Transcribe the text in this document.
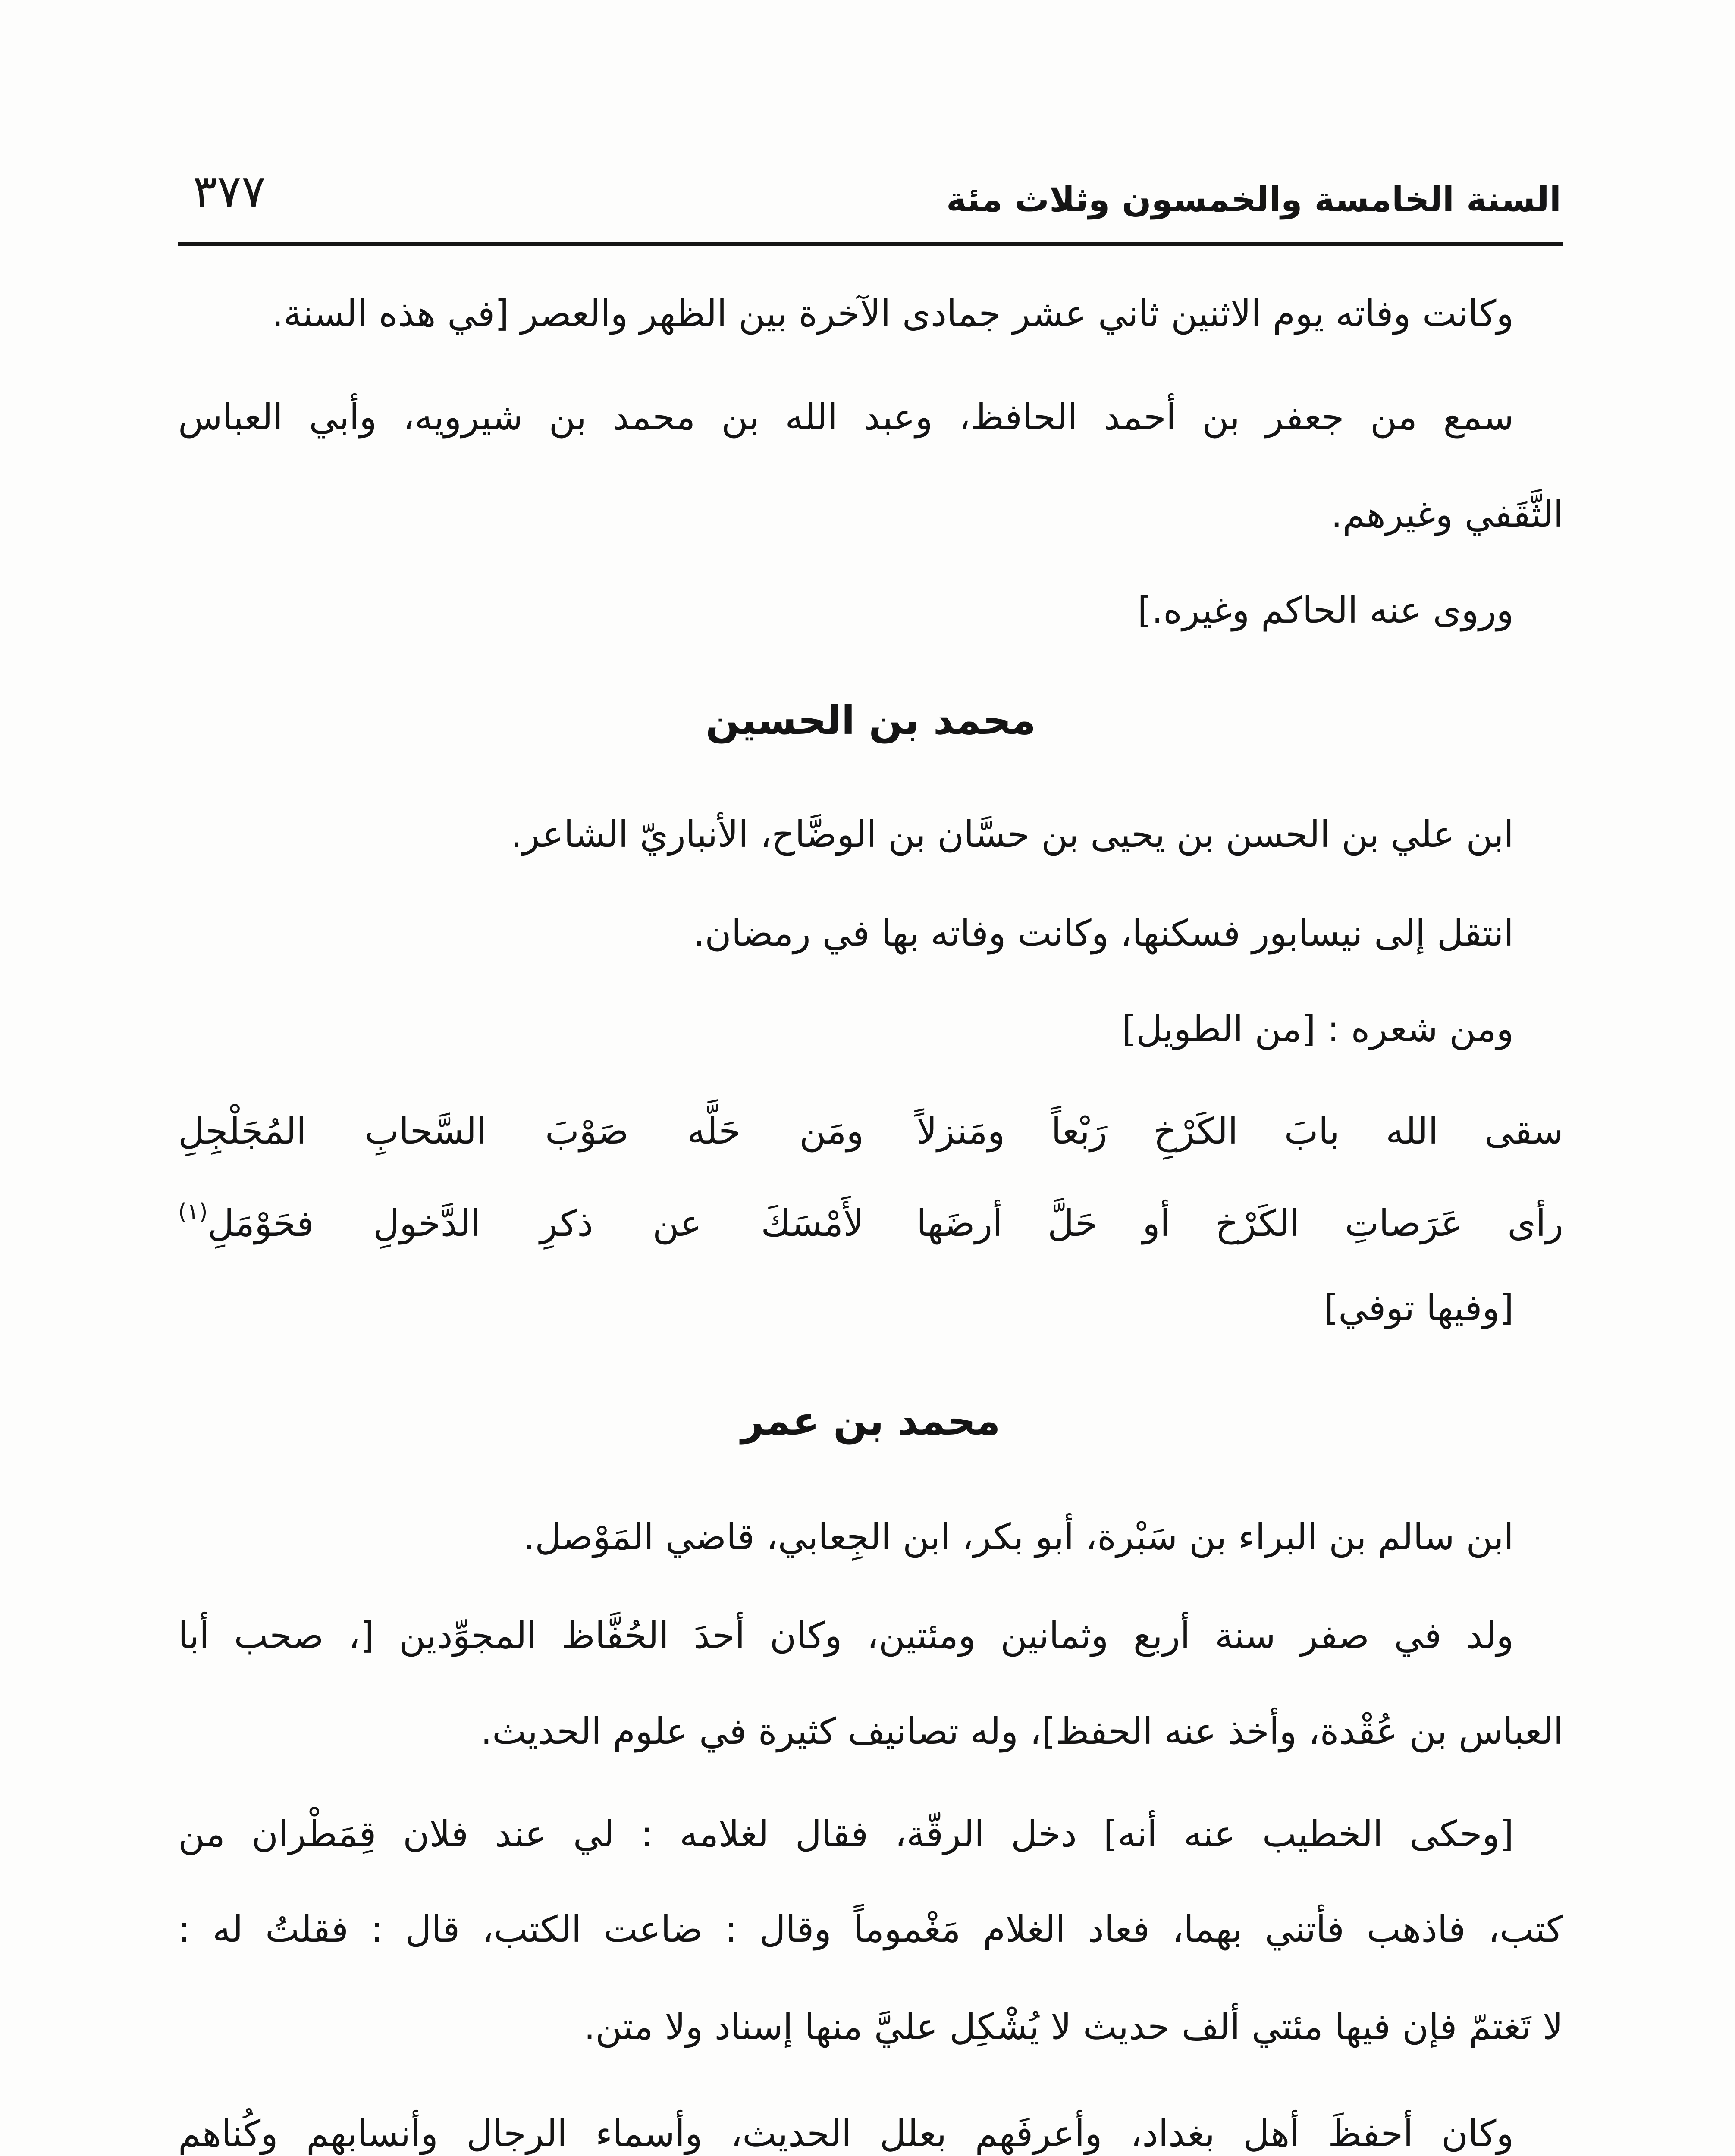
٣٧٧	السنة الخامسة والخمسون وثلاث مئة
وكانت وفاته يوم الاثنين ثاني عشر جمادى الآخرة بين الظهر والعصر [في هذه السنة.
سمع من جعفر بن أحمد الحافظ، وعبد الله بن محمد بن شيرويه، وأبي العباس
الثَّقَفي وغيرهم.
وروى عنه الحاكم وغيره.]
محمد بن الحسين
ابن علي بن الحسن بن يحيى بن حسَّان بن الوضَّاح، الأنباريّ الشاعر.
انتقل إلى نيسابور فسكنها، وكانت وفاته بها في رمضان.
ومن شعره : [من الطويل]
سقى الله بابَ الكَرْخِ رَبْعاً ومَنزلاً
ومَن حَلَّه صَوْبَ السَّحابِ المُجَلْجِلِ
رأى عَرَصاتِ الكَرْخ أو حَلَّ أرضَها
لأَمْسَكَ عن ذكرِ الدَّخولِ فحَوْمَلِ$^{(١)}$
[وفيها توفي]
محمد بن عمر
ابن سالم بن البراء بن سَبْرة، أبو بكر، ابن الجِعابي، قاضي المَوْصل.
ولد في صفر سنة أربع وثمانين ومئتين، وكان أحدَ الحُفَّاظ المجوِّدين [، صحب أبا
العباس بن عُقْدة، وأخذ عنه الحفظ]، وله تصانيف كثيرة في علوم الحديث.
[وحكى الخطيب عنه أنه] دخل الرقّة، فقال لغلامه : لي عند فلان قِمَطْران من
كتب، فاذهب فأتني بهما، فعاد الغلام مَغْموماً وقال : ضاعت الكتب، قال : فقلتُ له :
لا تَغتمّ فإن فيها مئتي ألف حديث لا يُشْكِل عليَّ منها إسناد ولا متن.
وكان أحفظَ أهل بغداد، وأعرفَهم بعلل الحديث، وأسماء الرجال وأنسابهم وكُناهم
